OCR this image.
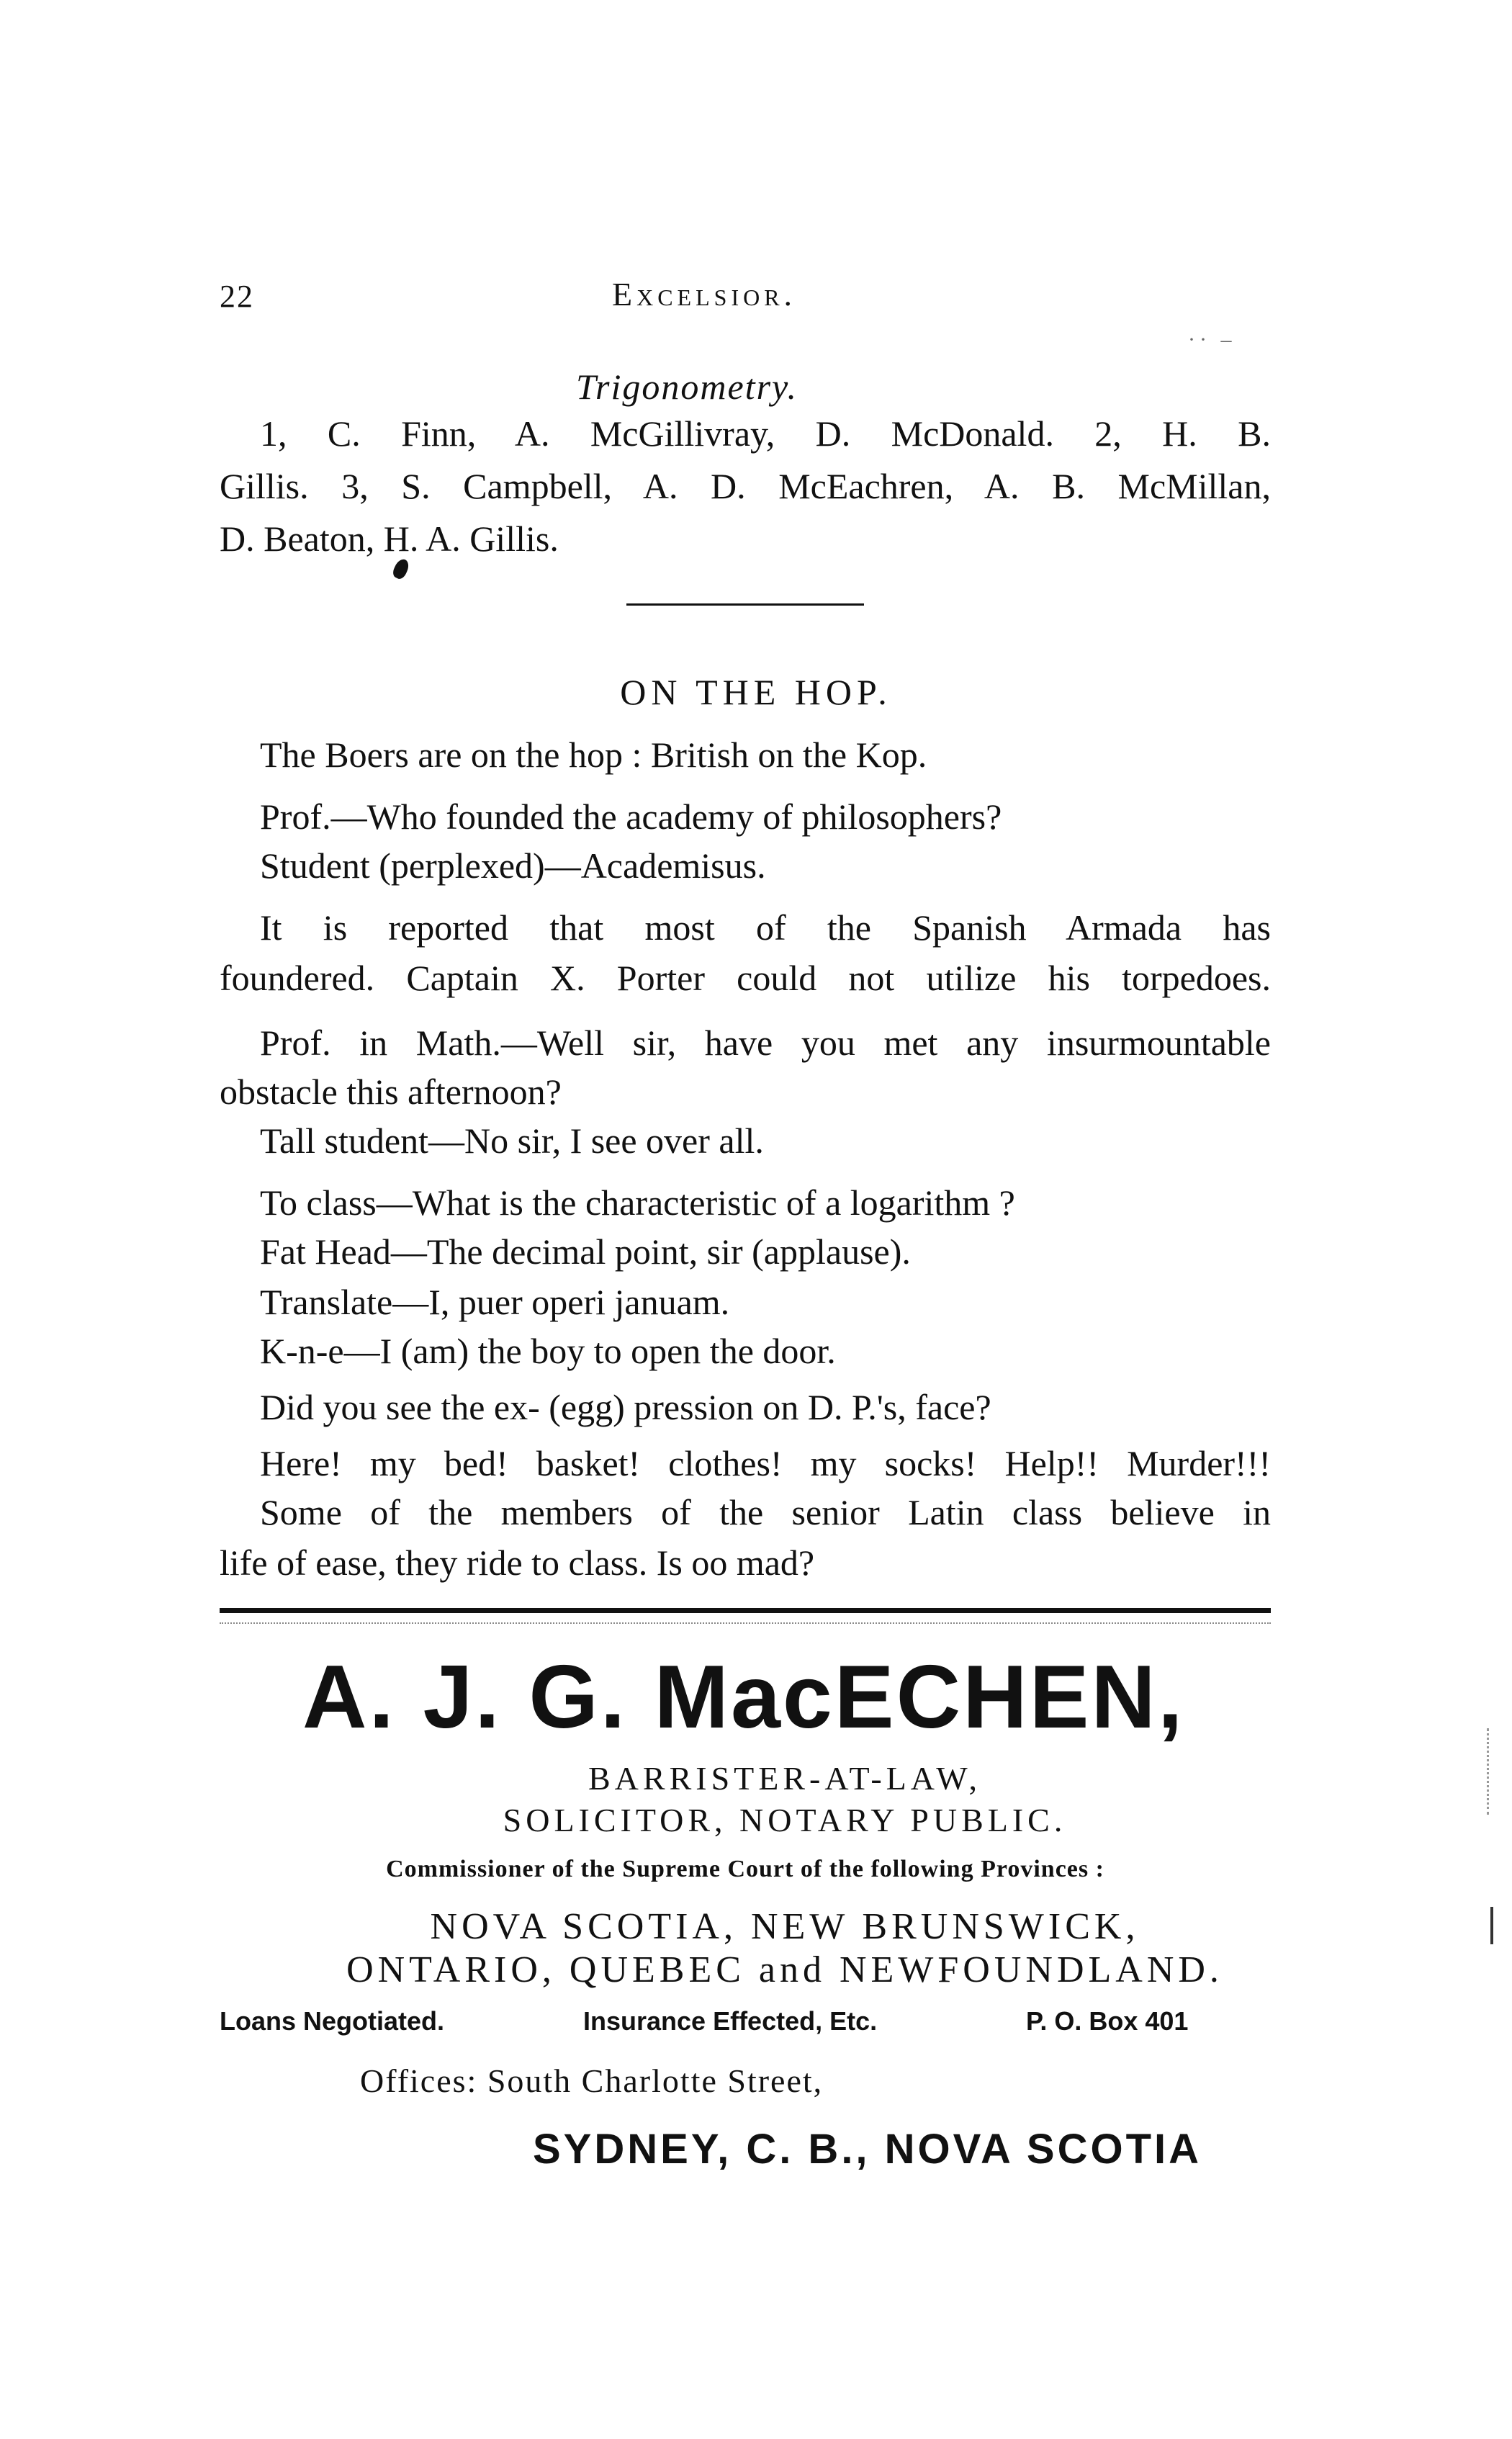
22	Excelsior.
·· –
Trigonometry.
1, C. Finn, A. McGillivray, D. McDonald. 2, H. B.
Gillis. 3, S. Campbell, A. D. McEachren, A. B. McMillan,
D. Beaton, H. A. Gillis.
ON THE HOP.
The Boers are on the hop : British on the Kop.
Prof.—Who founded the academy of philosophers?
Student (perplexed)—Academisus.
It is reported that most of the Spanish Armada has
foundered. Captain X. Porter could not utilize his torpedoes.
Prof. in Math.—Well sir, have you met any insurmountable
obstacle this afternoon?
Tall student—No sir, I see over all.
To class—What is the characteristic of a logarithm ?
Fat Head—The decimal point, sir (applause).
Translate—I, puer operi januam.
K-n-e—I (am) the boy to open the door.
Did you see the ex- (egg) pression on D. P.'s, face?
Here! my bed! basket! clothes! my socks! Help!! Murder!!!
Some of the members of the senior Latin class believe in
life of ease, they ride to class. Is oo mad?
A. J. G. MacECHEN,
BARRISTER-AT-LAW,
SOLICITOR, NOTARY PUBLIC.
Commissioner of the Supreme Court of the following Provinces :
NOVA SCOTIA, NEW BRUNSWICK,
ONTARIO, QUEBEC and NEWFOUNDLAND.
Loans Negotiated.	Insurance Effected, Etc.	P. O. Box 401
Offices: South Charlotte Street,
SYDNEY, C. B., NOVA SCOTIA
